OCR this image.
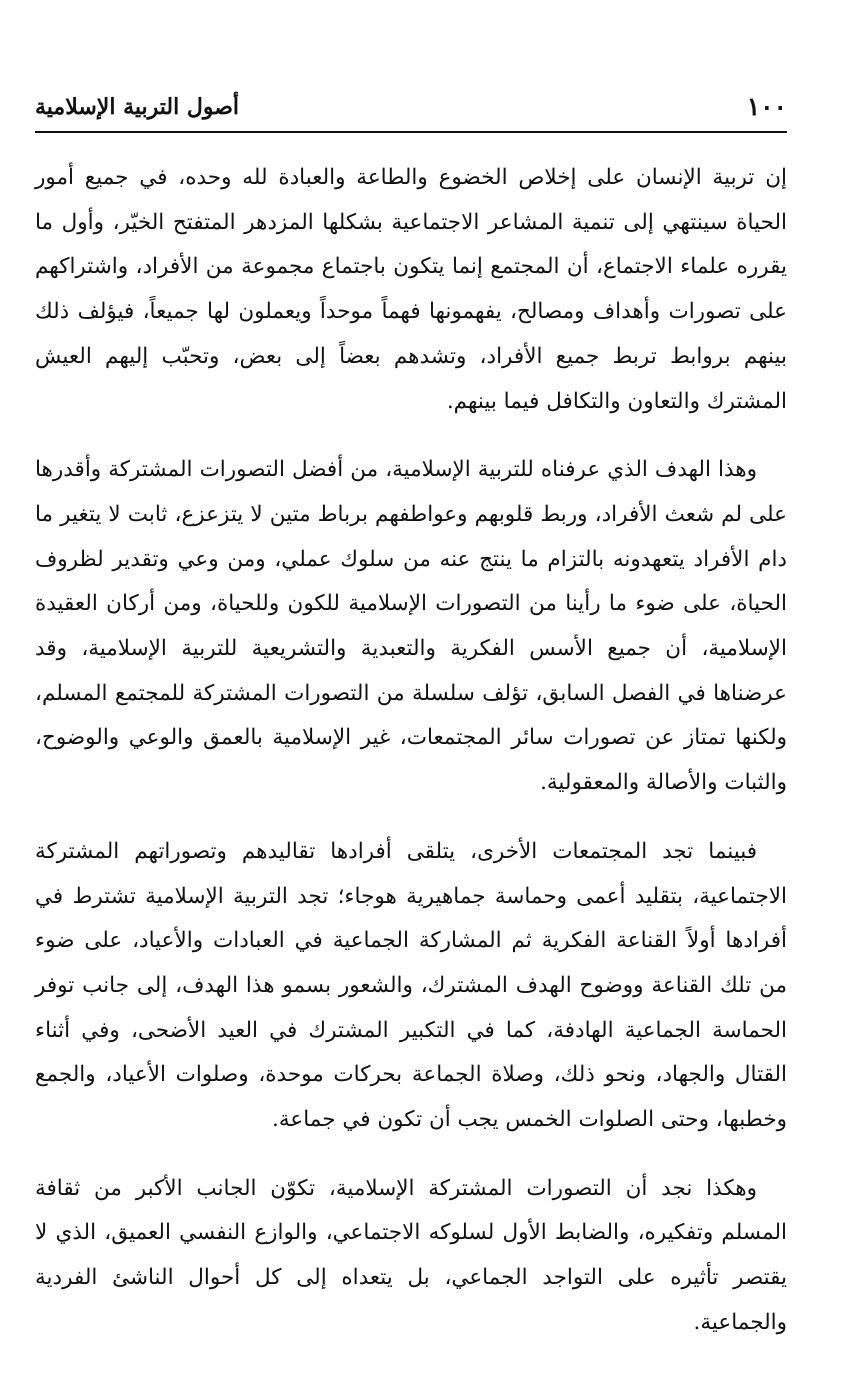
١٠٠
أصول التربية الإسلامية

إن تربية الإنسان على إخلاص الخضوع والطاعة والعبادة لله وحده، في جميع أمور الحياة سينتهي إلى تنمية المشاعر الاجتماعية بشكلها المزدهر المتفتح الخيّر، وأول ما يقرره علماء الاجتماع، أن المجتمع إنما يتكون باجتماع مجموعة من الأفراد، واشتراكهم على تصورات وأهداف ومصالح، يفهمونها فهماً موحداً ويعملون لها جميعاً، فيؤلف ذلك بينهم بروابط تربط جميع الأفراد، وتشدهم بعضاً إلى بعض، وتحبّب إليهم العيش المشترك والتعاون والتكافل فيما بينهم.

وهذا الهدف الذي عرفناه للتربية الإسلامية، من أفضل التصورات المشتركة وأقدرها على لم شعث الأفراد، وربط قلوبهم وعواطفهم برباط متين لا يتزعزع، ثابت لا يتغير ما دام الأفراد يتعهدونه بالتزام ما ينتج عنه من سلوك عملي، ومن وعي وتقدير لظروف الحياة، على ضوء ما رأينا من التصورات الإسلامية للكون وللحياة، ومن أركان العقيدة الإسلامية، أن جميع الأسس الفكرية والتعبدية والتشريعية للتربية الإسلامية، وقد عرضناها في الفصل السابق، تؤلف سلسلة من التصورات المشتركة للمجتمع المسلم، ولكنها تمتاز عن تصورات سائر المجتمعات، غير الإسلامية بالعمق والوعي والوضوح، والثبات والأصالة والمعقولية.

فبينما تجد المجتمعات الأخرى، يتلقى أفرادها تقاليدهم وتصوراتهم المشتركة الاجتماعية، بتقليد أعمى وحماسة جماهيرية هوجاء؛ تجد التربية الإسلامية تشترط في أفرادها أولاً القناعة الفكرية ثم المشاركة الجماعية في العبادات والأعياد، على ضوء من تلك القناعة ووضوح الهدف المشترك، والشعور بسمو هذا الهدف، إلى جانب توفر الحماسة الجماعية الهادفة، كما في التكبير المشترك في العيد الأضحى، وفي أثناء القتال والجهاد، ونحو ذلك، وصلاة الجماعة بحركات موحدة، وصلوات الأعياد، والجمع وخطبها، وحتى الصلوات الخمس يجب أن تكون في جماعة.

وهكذا نجد أن التصورات المشتركة الإسلامية، تكوّن الجانب الأكبر من ثقافة المسلم وتفكيره، والضابط الأول لسلوكه الاجتماعي، والوازع النفسي العميق، الذي لا يقتصر تأثيره على التواجد الجماعي، بل يتعداه إلى كل أحوال الناشئ الفردية والجماعية.
